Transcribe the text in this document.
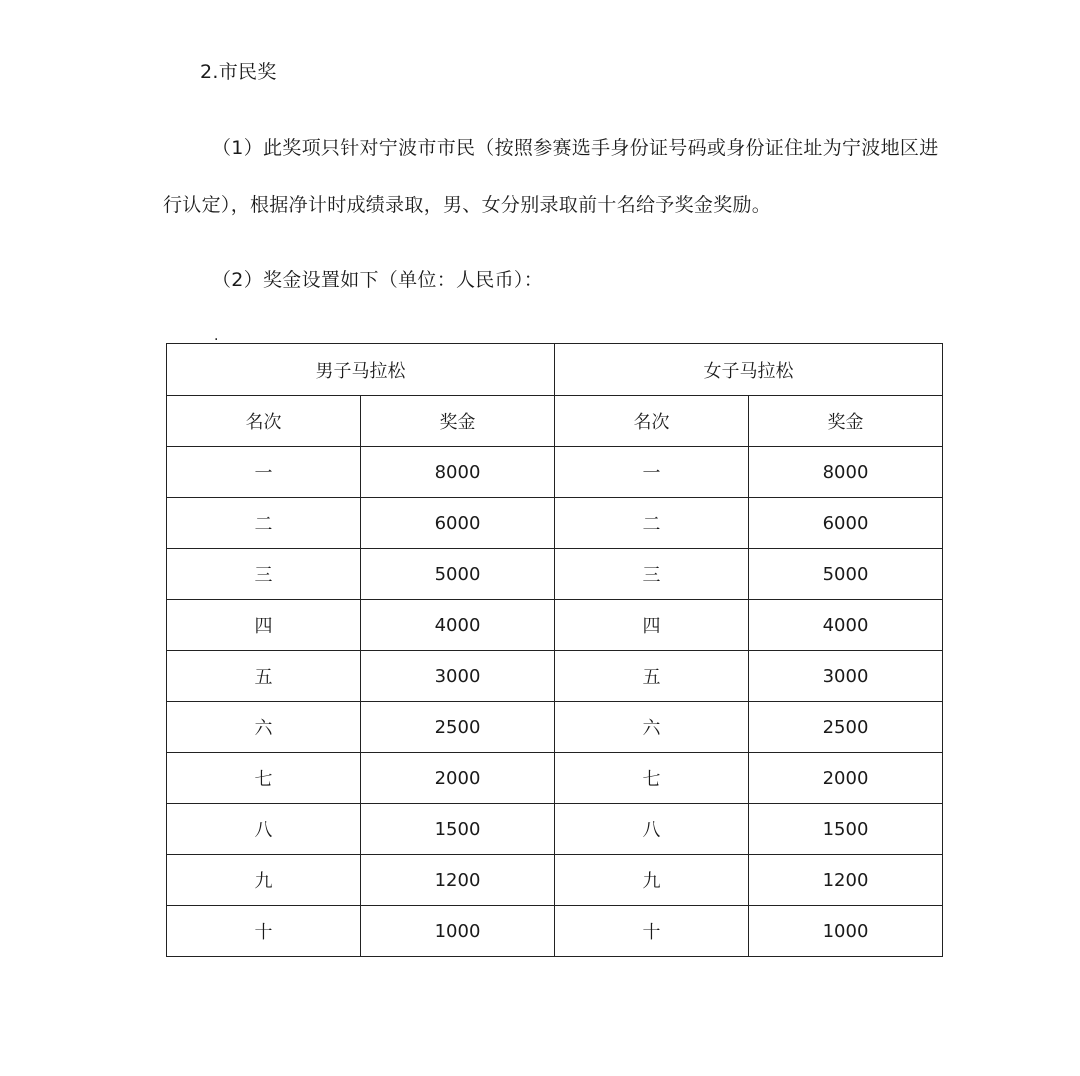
2.市民奖
（1）此奖项只针对宁波市市民（按照参赛选手身份证号码或身份证住址为宁波地区进
行认定），根据净计时成绩录取，男、女分别录取前十名给予奖金奖励。
（2）奖金设置如下（单位：人民币）：
.
男子马拉松		女子马拉松	
名次	奖金	名次	奖金
一	8000	一	8000
二	6000	二	6000
三	5000	三	5000
四	4000	四	4000
五	3000	五	3000
六	2500	六	2500
七	2000	七	2000
八	1500	八	1500
九	1200	九	1200
十	1000	十	1000
